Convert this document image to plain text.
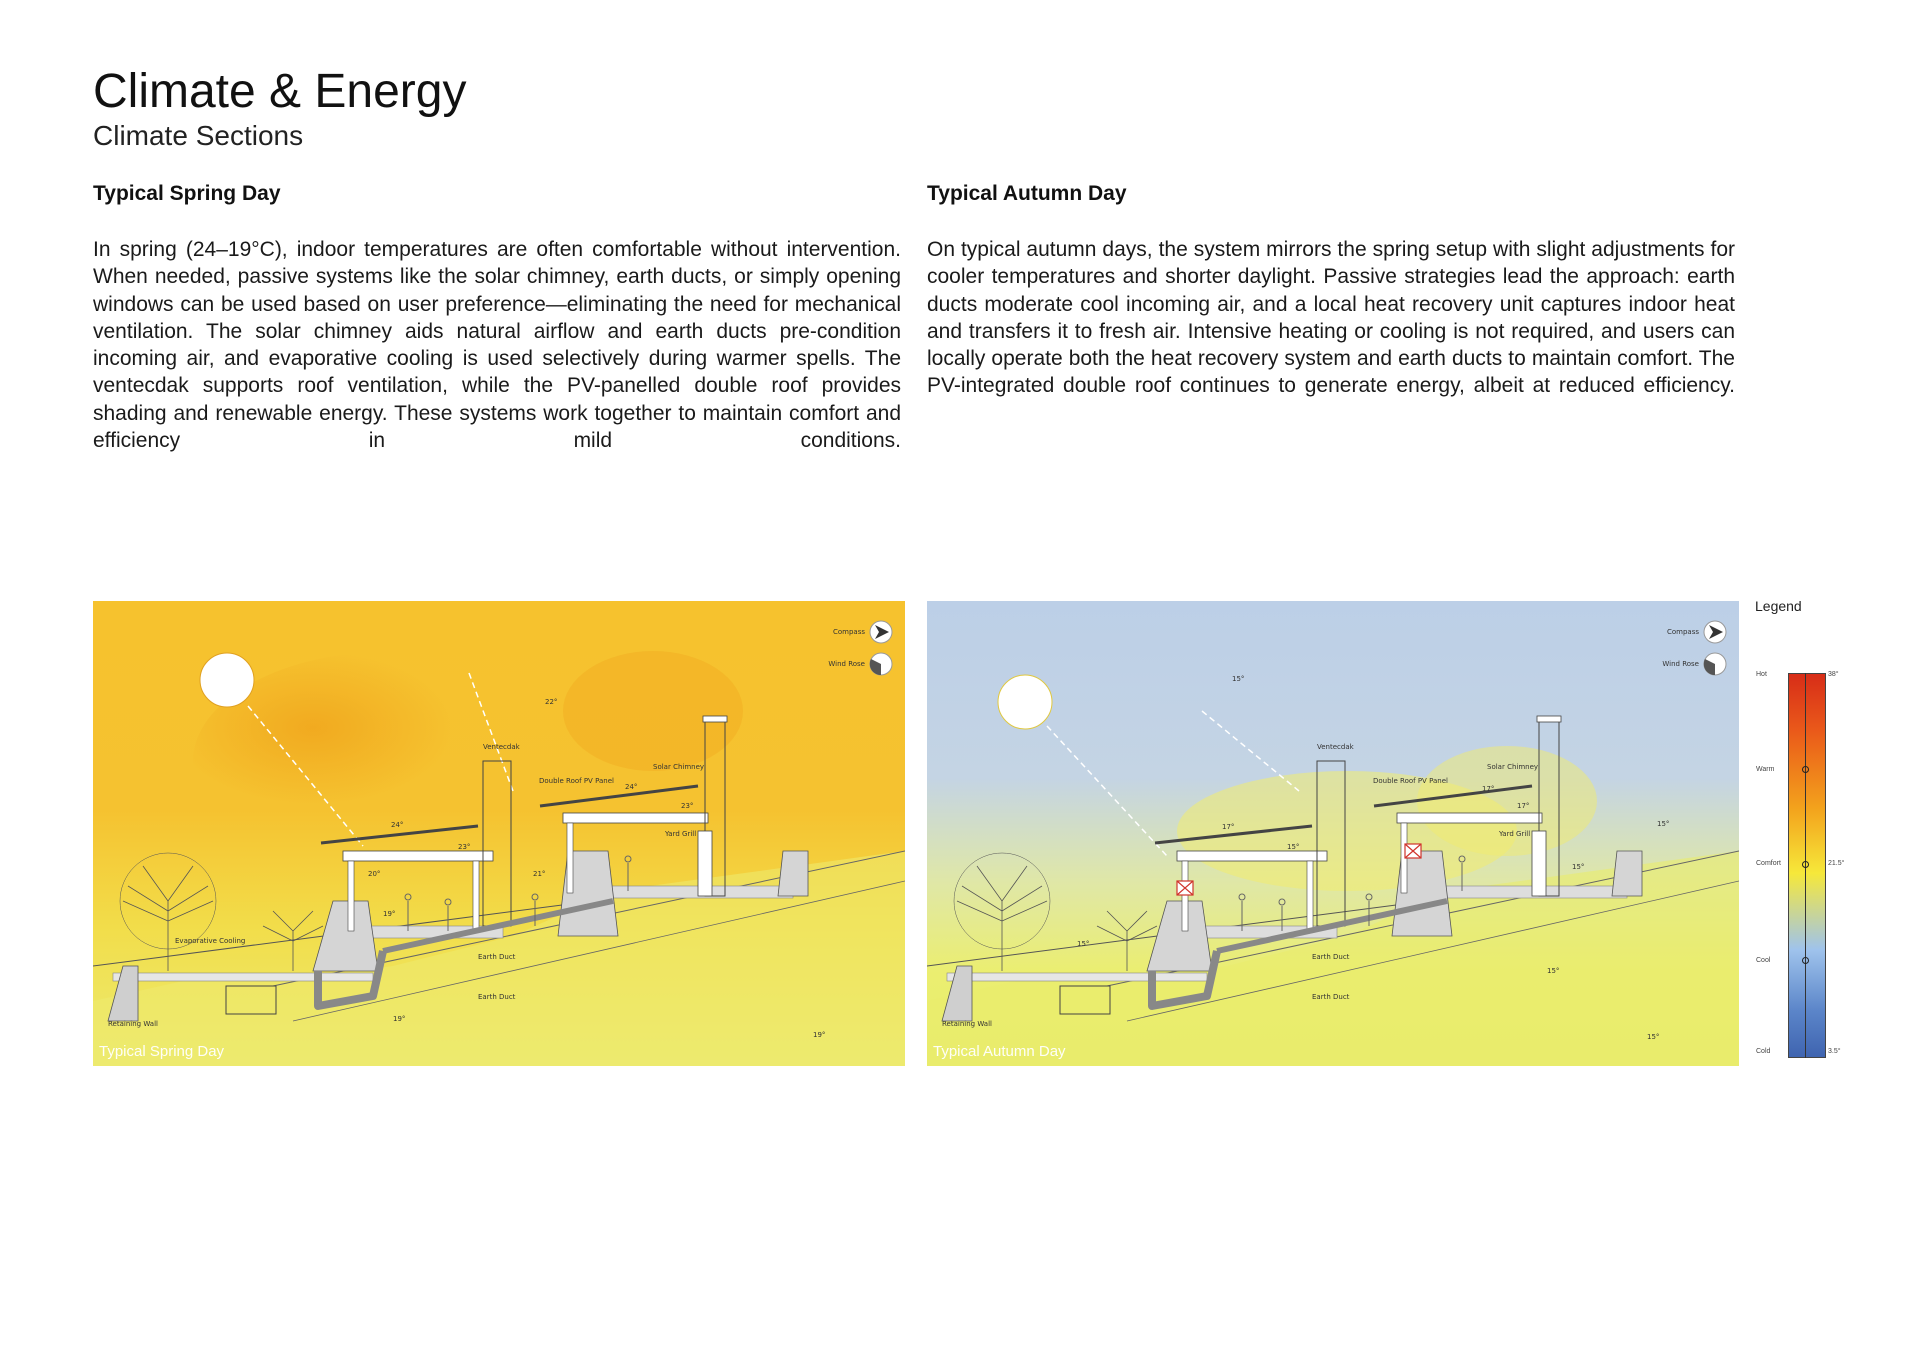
Climate & Energy
Climate Sections
Typical Spring Day

In spring (24–19°C), indoor temperatures are often comfortable without intervention. When needed, passive systems like the solar chimney, earth ducts, or simply opening windows can be used based on user preference—eliminating the need for mechanical ventilation. The solar chimney aids natural airflow and earth ducts pre-condition incoming air, and evaporative cooling is used selectively during warmer spells. The ventecdak supports roof ventilation, while the PV-panelled double roof provides shading and renewable energy. These systems work together to maintain comfort and efficiency in mild conditions.

Typical Autumn Day

On typical autumn days, the system mirrors the spring setup with slight adjustments for cooler temperatures and shorter daylight. Passive strategies lead the approach: earth ducts moderate cool incoming air, and a local heat recovery unit captures indoor heat and transfers it to fresh air. Intensive heating or cooling is not required, and users can locally operate both the heat recovery system and earth ducts to maintain comfort. The PV-integrated double roof continues to generate energy, albeit at reduced efficiency.

Compass
Wind Rose
Ventecdak
Solar Chimney
Double Roof PV Panel
Yard Grill
Evaporative Cooling
Earth Duct
Earth Duct
Retaining Wall
24°
23°
24°
23°
21°
20°
19°
19°
19°
22°
Typical Spring Day
Compass
Wind Rose
Ventecdak
Solar Chimney
Double Roof PV Panel
Yard Grill
Earth Duct
Earth Duct
Retaining Wall
15°
17°
17°
15°
17°
15°
15°
15°
15°
15°
Typical Autumn Day
Legend
Hot
Warm
Comfort
Cool
Cold
38°
21.5°
3.5°
